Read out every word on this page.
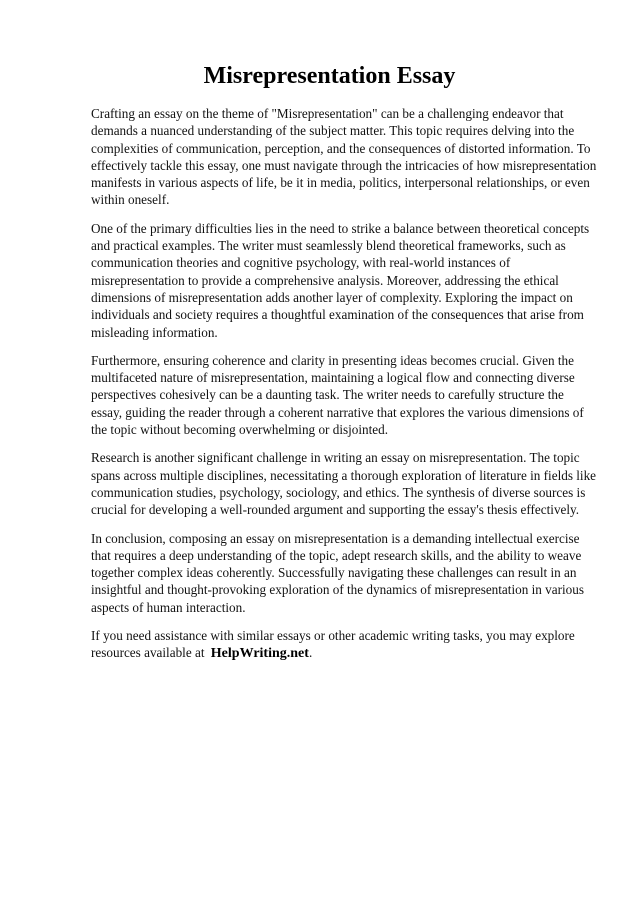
Misrepresentation Essay

Crafting an essay on the theme of "Misrepresentation" can be a challenging endeavor that demands a nuanced understanding of the subject matter. This topic requires delving into the complexities of communication, perception, and the consequences of distorted information. To effectively tackle this essay, one must navigate through the intricacies of how misrepresentation manifests in various aspects of life, be it in media, politics, interpersonal relationships, or even within oneself.

One of the primary difficulties lies in the need to strike a balance between theoretical concepts and practical examples. The writer must seamlessly blend theoretical frameworks, such as communication theories and cognitive psychology, with real-world instances of misrepresentation to provide a comprehensive analysis. Moreover, addressing the ethical dimensions of misrepresentation adds another layer of complexity. Exploring the impact on individuals and society requires a thoughtful examination of the consequences that arise from misleading information.

Furthermore, ensuring coherence and clarity in presenting ideas becomes crucial. Given the multifaceted nature of misrepresentation, maintaining a logical flow and connecting diverse perspectives cohesively can be a daunting task. The writer needs to carefully structure the essay, guiding the reader through a coherent narrative that explores the various dimensions of the topic without becoming overwhelming or disjointed.

Research is another significant challenge in writing an essay on misrepresentation. The topic spans across multiple disciplines, necessitating a thorough exploration of literature in fields like communication studies, psychology, sociology, and ethics. The synthesis of diverse sources is crucial for developing a well-rounded argument and supporting the essay's thesis effectively.

In conclusion, composing an essay on misrepresentation is a demanding intellectual exercise that requires a deep understanding of the topic, adept research skills, and the ability to weave together complex ideas coherently. Successfully navigating these challenges can result in an insightful and thought-provoking exploration of the dynamics of misrepresentation in various aspects of human interaction.

If you need assistance with similar essays or other academic writing tasks, you may explore resources available at HelpWriting.net.
